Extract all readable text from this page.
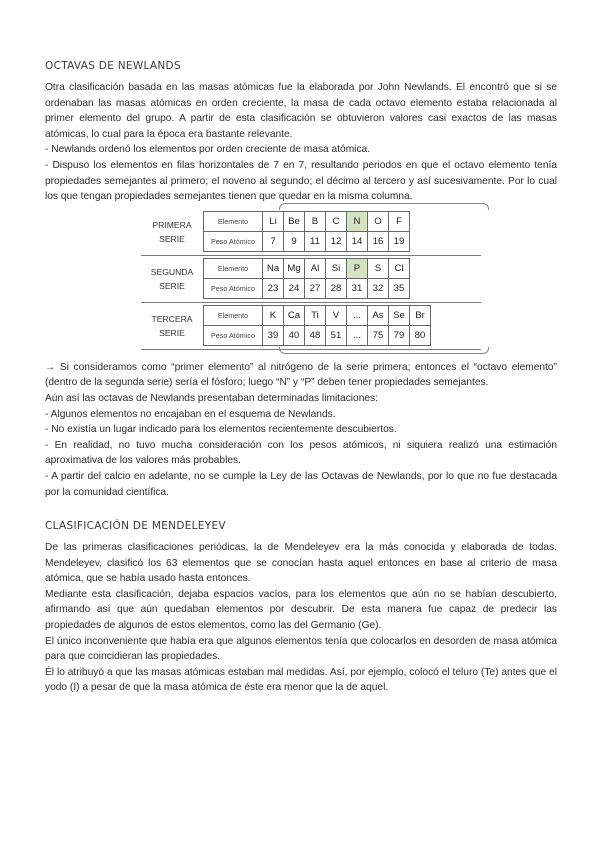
OCTAVAS DE NEWLANDS

Otra clasificación basada en las masas atómicas fue la elaborada por John Newlands. El encontró que si se ordenaban las masas atómicas en orden creciente, la masa de cada octavo elemento estaba relacionada al primer elemento del grupo. A partir de esta clasificación se obtuvieron valores casi exactos de las masas atómicas, lo cual para la época era bastante relevante.

- Newlands ordenó los elementos por orden creciente de masa atómica.

- Dispuso los elementos en filas horizontales de 7 en 7, resultando periodos en que el octavo elemento tenía propiedades semejantes al primero; el noveno al segundo; el décimo al tercero y así sucesivamente. Por lo cual los que tengan propiedades semejantes tienen que quedar en la misma columna.

PRIMERA SERIE
Elemento	Li	Be	B	C	N	O	F
Peso Atómico	7	9	11	12	14	16	19
SEGUNDA SERIE
Elemento	Na	Mg	Al	Si	P	S	Cl
Peso Atómico	23	24	27	28	31	32	35
TERCERA SERIE
Elemento	K	Ca	Ti	V	...	As	Se	Br
Peso Atómico	39	40	48	51	...	75	79	80

→ Si consideramos como “primer elemento” al nitrógeno de la serie primera; entonces el “octavo elemento” (dentro de la segunda serie) sería el fósforo; luego “N” y “P” deben tener propiedades semejantes.

Aún así las octavas de Newlands presentaban determinadas limitaciones:

- Algunos elementos no encajaban en el esquema de Newlands.

- No existía un lugar indicado para los elementos recientemente descubiertos.

- En realidad, no tuvo mucha consideración con los pesos atómicos, ni siquiera realizó una estimación aproximativa de los valores más probables.

- A partir del calcio en adelante, no se cumple la Ley de las Octavas de Newlands, por lo que no fue destacada por la comunidad científica.

CLASIFICACIÓN DE MENDELEYEV

De las primeras clasificaciones periódicas, la de Mendeleyev era la más conocida y elaborada de todas. Mendeleyev, clasificó los 63 elementos que se conocían hasta aquel entonces en base al criterio de masa atómica, que se había usado hasta entonces.

Mediante esta clasificación, dejaba espacios vacíos, para los elementos que aún no se habían descubierto, afirmando así que aún quedaban elementos por descubrir. De esta manera fue capaz de predecir las propiedades de algunos de estos elementos, como las del Germanio (Ge).

El único inconveniente que había era que algunos elementos tenía que colocarlos en desorden de masa atómica para que coincidieran las propiedades.

Él lo atribuyó a que las masas atómicas estaban mal medidas. Así, por ejemplo, colocó el teluro (Te) antes que el yodo (I) a pesar de que la masa atómica de éste era menor que la de aquel.
